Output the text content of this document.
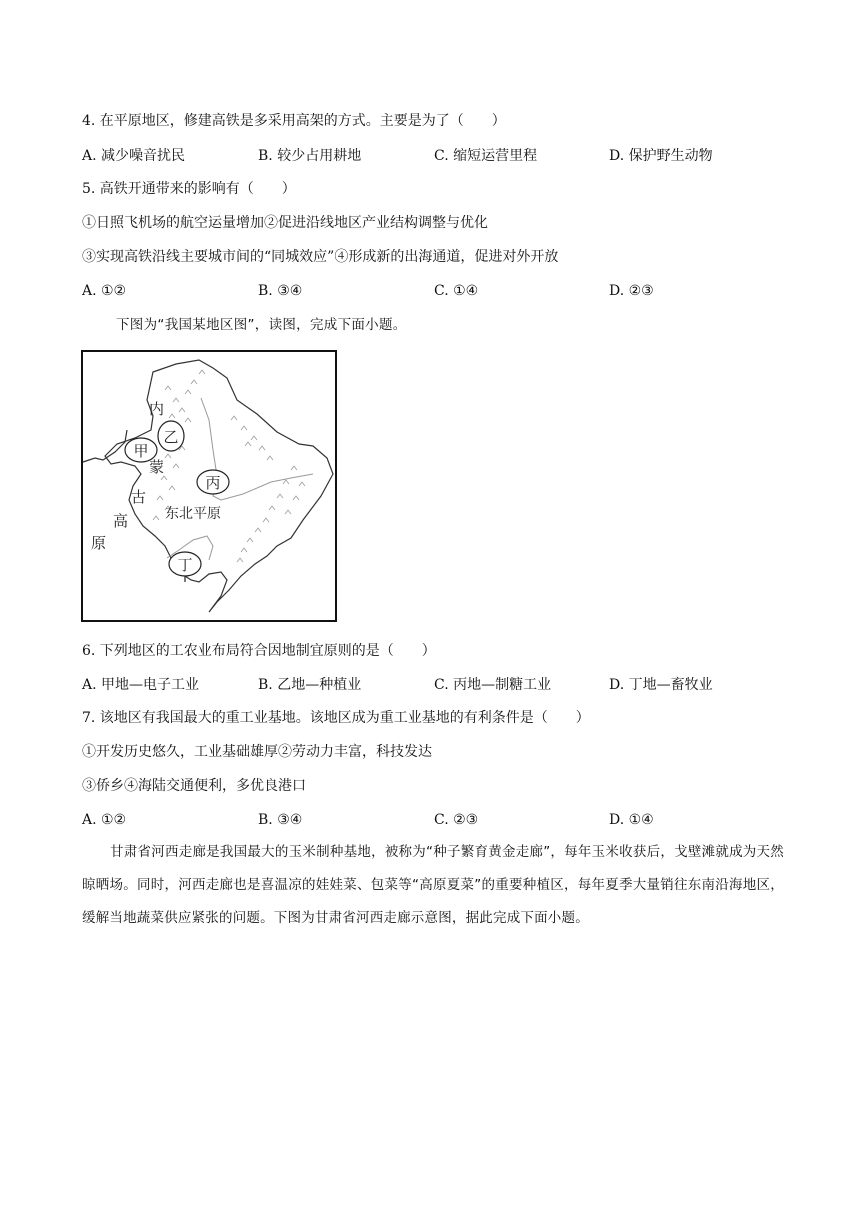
4. 在平原地区，修建高铁是多采用高架的方式。主要是为了（　　）
A. 减少噪音扰民	B. 较少占用耕地	C. 缩短运营里程	D. 保护野生动物
5. 高铁开通带来的影响有（　　）
①日照飞机场的航空运量增加②促进沿线地区产业结构调整与优化
③实现高铁沿线主要城市间的“同城效应”④形成新的出海通道，促进对外开放
A. ①②	B. ③④	C. ①④	D. ②③
下图为“我国某地区图”，读图，完成下面小题。
内
蒙
古
高
原
东北平原
甲
乙
丙
丁
6. 下列地区的工农业布局符合因地制宜原则的是（　　）
A. 甲地—电子工业	B. 乙地—种植业	C. 丙地—制糖工业	D. 丁地—畜牧业
7. 该地区有我国最大的重工业基地。该地区成为重工业基地的有利条件是（　　）
①开发历史悠久，工业基础雄厚②劳动力丰富，科技发达
③侨乡④海陆交通便利，多优良港口
A. ①②	B. ③④	C. ②③	D. ①④
甘肃省河西走廊是我国最大的玉米制种基地，被称为“种子繁育黄金走廊”，每年玉米收获后，戈壁滩就成为天然晾晒场。同时，河西走廊也是喜温凉的娃娃菜、包菜等“高原夏菜”的重要种植区，每年夏季大量销往东南沿海地区，缓解当地蔬菜供应紧张的问题。下图为甘肃省河西走廊示意图，据此完成下面小题。
